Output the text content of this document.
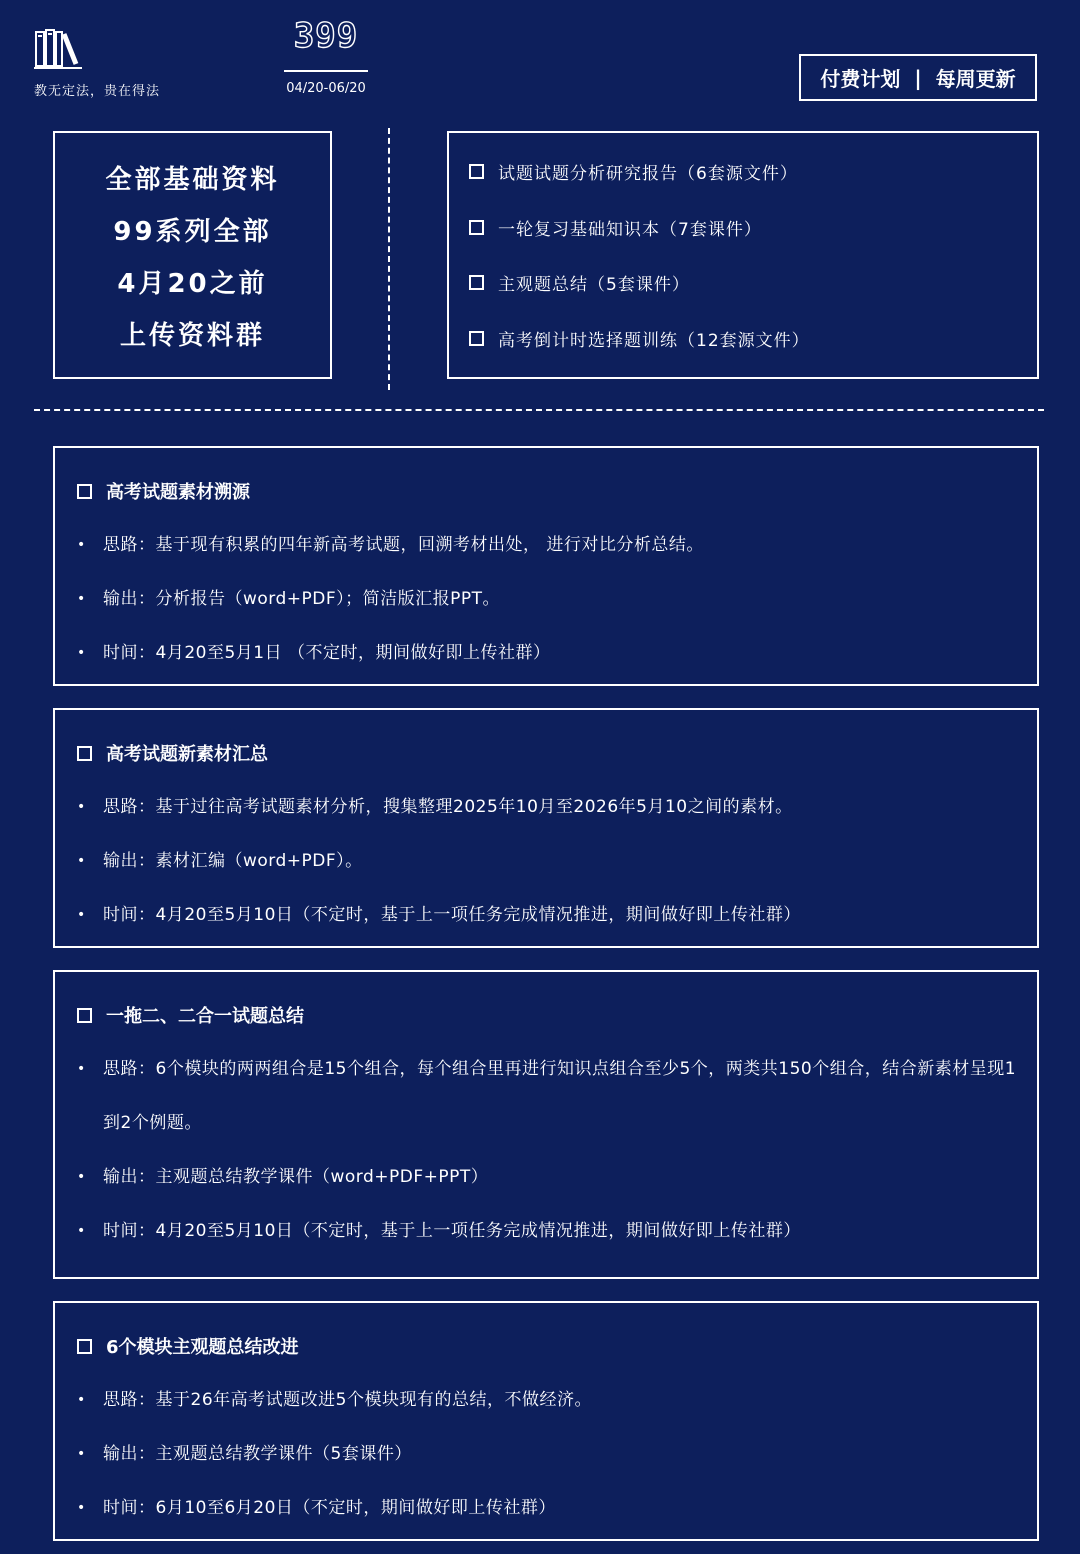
教无定法，贵在得法
399
04/20-06/20	付费计划 | 每周更新
全部基础资料
99系列全部
4月20之前
上传资料群
试题试题分析研究报告（6套源文件）
一轮复习基础知识本（7套课件）
主观题总结（5套课件）
高考倒计时选择题训练（12套源文件）
高考试题素材溯源
•	思路：基于现有积累的四年新高考试题，回溯考材出处， 进行对比分析总结。
•	输出：分析报告（word+PDF）；简洁版汇报PPT。
•	时间：4月20至5月1日 （不定时，期间做好即上传社群）
高考试题新素材汇总
•	思路：基于过往高考试题素材分析，搜集整理2025年10月至2026年5月10之间的素材。
•	输出：素材汇编（word+PDF）。
•	时间：4月20至5月10日（不定时，基于上一项任务完成情况推进，期间做好即上传社群）
一拖二、二合一试题总结
•	思路：6个模块的两两组合是15个组合，每个组合里再进行知识点组合至少5个，两类共150个组合，结合新素材呈现1到2个例题。
•	输出：主观题总结教学课件（word+PDF+PPT）
•	时间：4月20至5月10日（不定时，基于上一项任务完成情况推进，期间做好即上传社群）
6个模块主观题总结改进
•	思路：基于26年高考试题改进5个模块现有的总结，不做经济。
•	输出：主观题总结教学课件（5套课件）
•	时间：6月10至6月20日（不定时，期间做好即上传社群）
